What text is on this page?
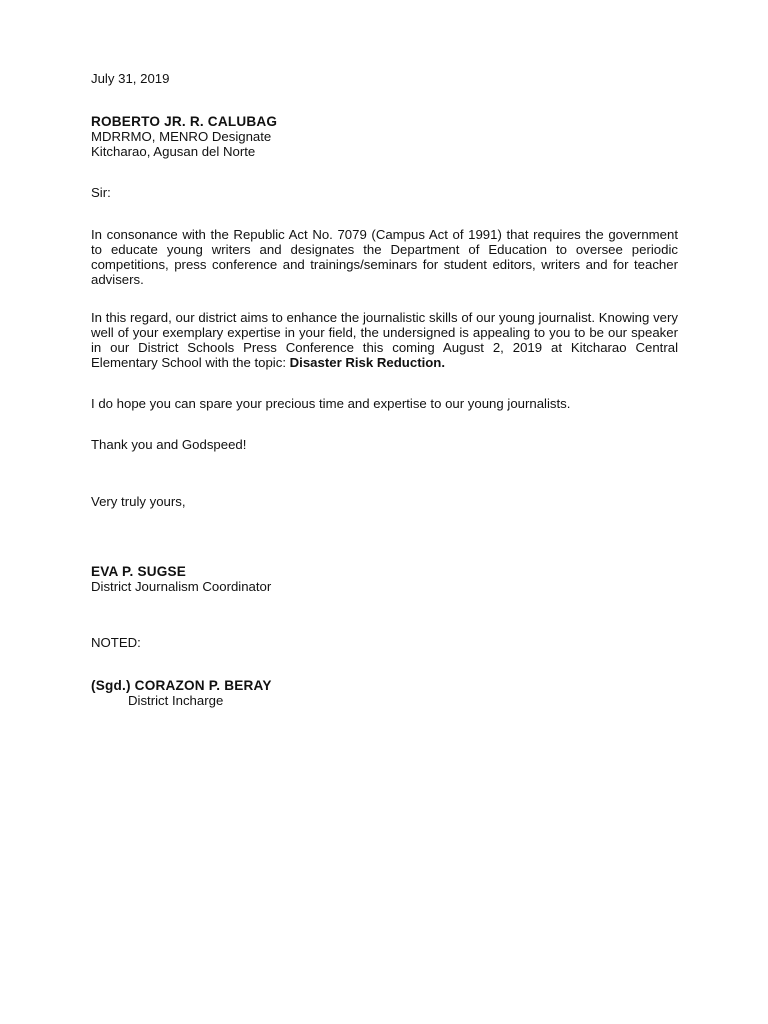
July 31, 2019
ROBERTO JR. R. CALUBAG
MDRRMO, MENRO Designate
Kitcharao, Agusan del Norte
Sir:
In consonance with the Republic Act No. 7079 (Campus Act of 1991) that requires the government to educate young writers and designates the Department of Education to oversee periodic competitions, press conference and trainings/seminars for student editors, writers and for teacher advisers.
In this regard, our district aims to enhance the journalistic skills of our young journalist. Knowing very well of your exemplary expertise in your field, the undersigned is appealing to you to be our speaker in our District Schools Press Conference this coming August 2, 2019 at Kitcharao Central Elementary School with the topic: Disaster Risk Reduction.
I do hope you can spare your precious time and expertise to our young journalists.
Thank you and Godspeed!
Very truly yours,
EVA P. SUGSE
District Journalism Coordinator
NOTED:
(Sgd.) CORAZON P. BERAY
District Incharge
